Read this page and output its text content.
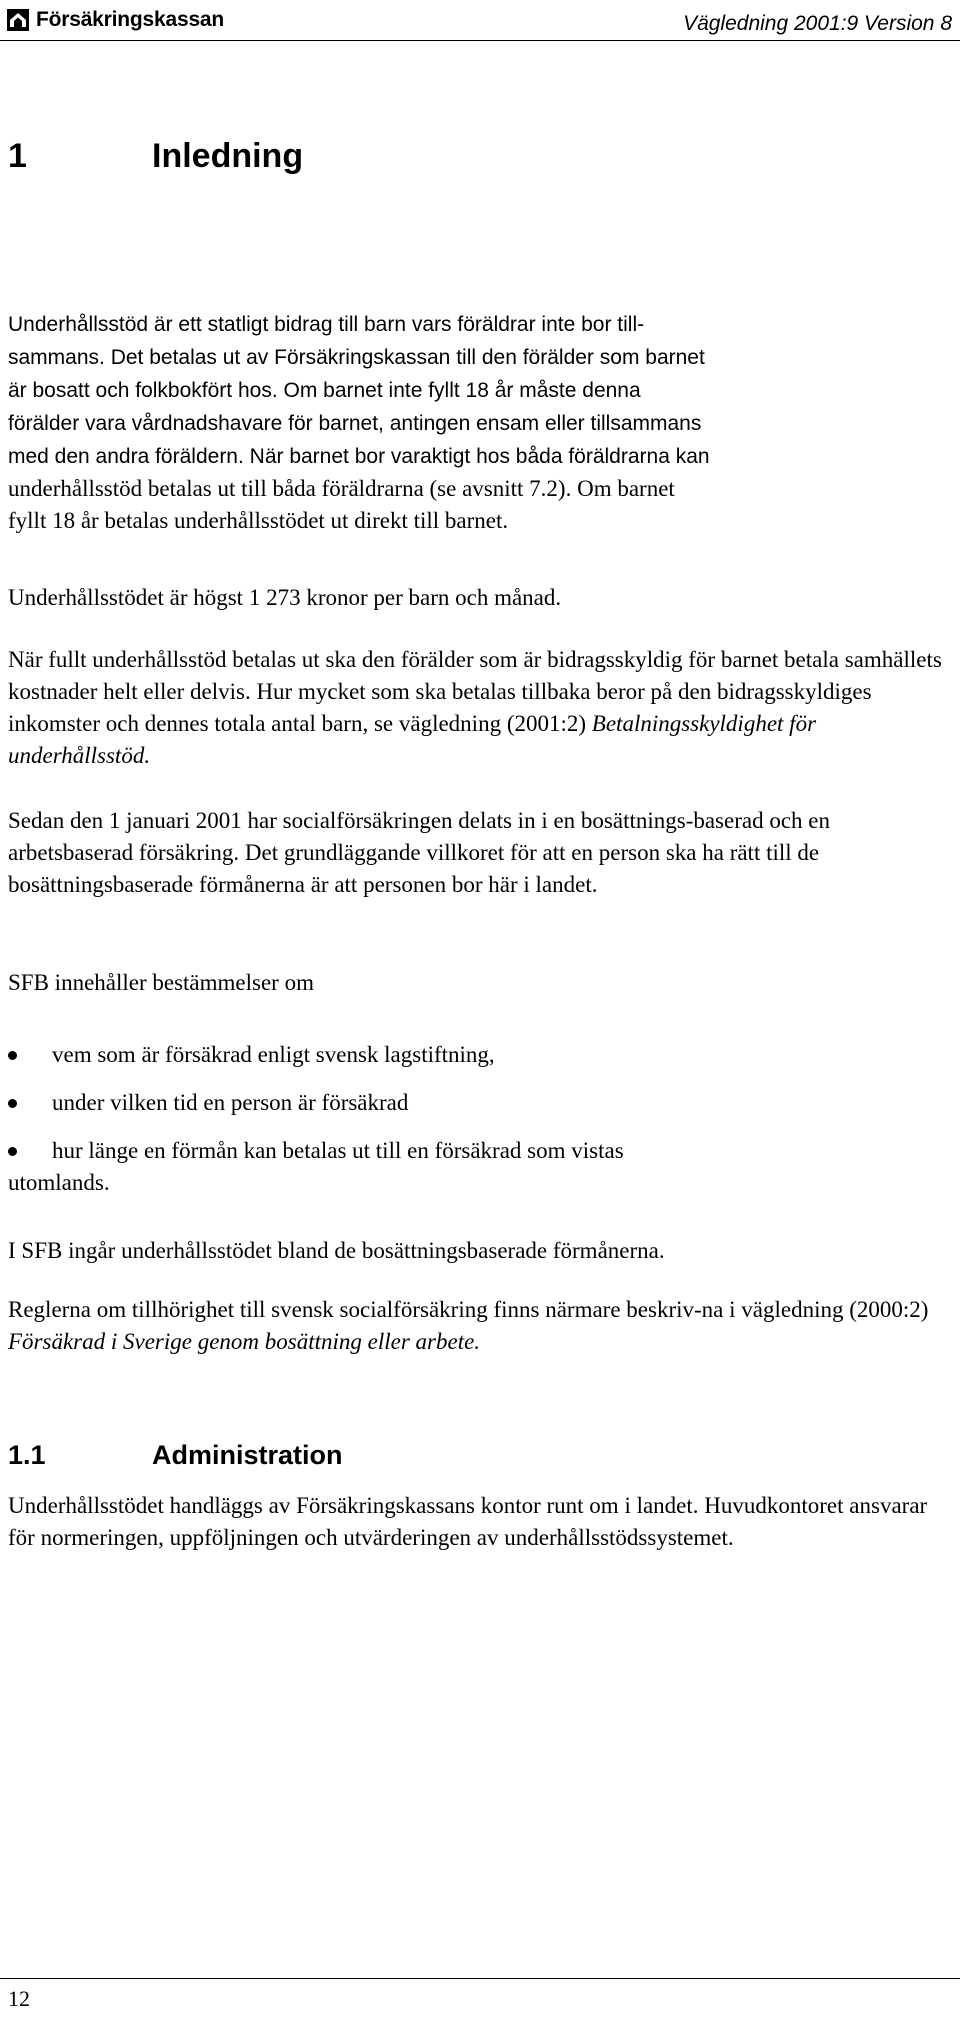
Försäkringskassan	Vägledning 2001:9 Version 8
1	Inledning
Underhållsstöd är ett statligt bidrag till barn vars föräldrar inte bor till-
sammans. Det betalas ut av Försäkringskassan till den förälder som barnet
är bosatt och folkbokfört hos. Om barnet inte fyllt 18 år måste denna
förälder vara vårdnadshavare för barnet, antingen ensam eller tillsammans
med den andra föräldern. När barnet bor varaktigt hos båda föräldrarna kan
underhållsstöd betalas ut till båda föräldrarna (se avsnitt 7.2). Om barnet
fyllt 18 år betalas underhållsstödet ut direkt till barnet.

Underhållsstödet är högst 1 273 kronor per barn och månad.

När fullt underhållsstöd betalas ut ska den förälder som är bidragsskyldig för barnet betala samhällets kostnader helt eller delvis. Hur mycket som ska betalas tillbaka beror på den bidragsskyldiges inkomster och dennes totala antal barn, se vägledning (2001:2) Betalningsskyldighet för underhållsstöd.

Sedan den 1 januari 2001 har socialförsäkringen delats in i en bosättnings-baserad och en arbetsbaserad försäkring. Det grundläggande villkoret för att en person ska ha rätt till de bosättningsbaserade förmånerna är att personen bor här i landet.

SFB innehåller bestämmelser om

vem som är försäkrad enligt svensk lagstiftning,
under vilken tid en person är försäkrad
hur länge en förmån kan betalas ut till en försäkrad som vistas
utomlands.

I SFB ingår underhållsstödet bland de bosättningsbaserade förmånerna.

Reglerna om tillhörighet till svensk socialförsäkring finns närmare beskriv-na i vägledning (2000:2) Försäkrad i Sverige genom bosättning eller arbete.

1.1	Administration

Underhållsstödet handläggs av Försäkringskassans kontor runt om i landet. Huvudkontoret ansvarar för normeringen, uppföljningen och utvärderingen av underhållsstödssystemet.

12
